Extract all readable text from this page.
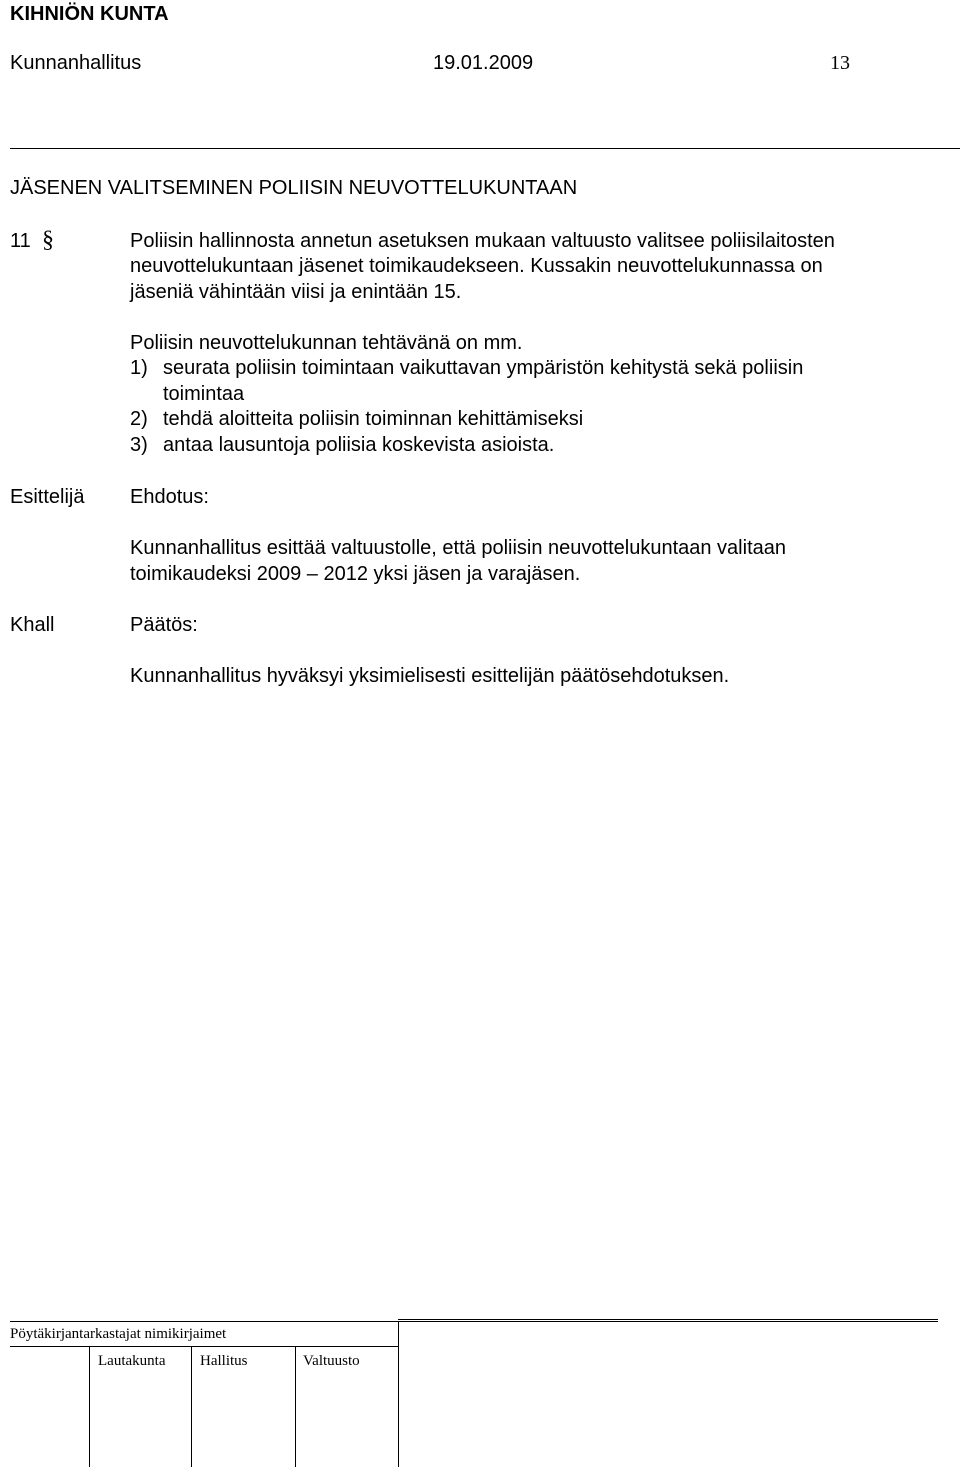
KIHNIÖN KUNTA
Kunnanhallitus	19.01.2009	13
JÄSENEN VALITSEMINEN POLIISIN NEUVOTTELUKUNTAAN
11 §	Poliisin hallinnosta annetun asetuksen mukaan valtuusto valitsee poliisilaitosten
neuvottelukuntaan jäsenet toimikaudekseen. Kussakin neuvottelukunnassa on
jäseniä vähintään viisi ja enintään 15.
Poliisin neuvottelukunnan tehtävänä on mm.
1) seurata poliisin toimintaan vaikuttavan ympäristön kehitystä sekä poliisin
toimintaa
2) tehdä aloitteita poliisin toiminnan kehittämiseksi
3) antaa lausuntoja poliisia koskevista asioista.
Esittelijä Ehdotus:
Kunnanhallitus esittää valtuustolle, että poliisin neuvottelukuntaan valitaan
toimikaudeksi 2009 – 2012 yksi jäsen ja varajäsen.
Khall	Päätös:
Kunnanhallitus hyväksyi yksimielisesti esittelijän päätösehdotuksen.
Pöytäkirjantarkastajat nimikirjaimet
Lautakunta Hallitus	Valtuusto
